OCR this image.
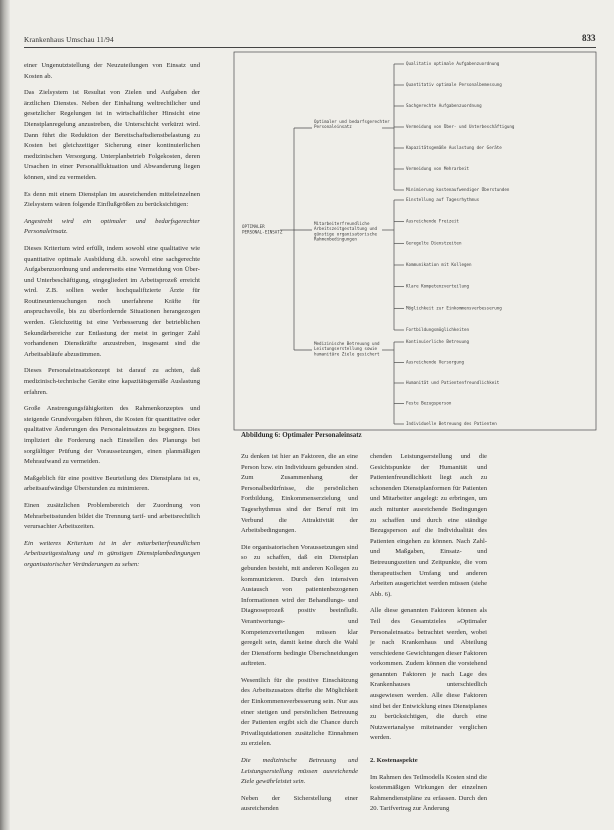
Krankenhaus Umschau 11/94	833

einer Ungenutztstellung der Neuzuteilungen von Einsatz und Kosten ab.

Das Zielsystem ist Resultat von Zielen und Aufgaben der ärztlichen Dienstes. Neben der Einhaltung weltrechtlicher und gesetzlicher Regelungen ist in wirtschaftlicher Hinsicht eine Dienstplanregelung anzustreben, die Unterschicht verkürzt wird. Dann führt die Reduktion der Bereitschaftsdienstbelastung zu Kosten bei gleichzeitiger Sicherung einer kontinuierlichen medizinischen Versorgung. Unterplanbetrieb Folgekosten, deren Ursachen in einer Personalfluktuation und Abwanderung liegen können, sind zu vermeiden.

Es denn mit einem Dienstplan im ausreichenden mitteleinzelnen Zielsystem wären folgende Einflußgrößen zu berücksichtigen:

Angestrebt wird ein optimaler und bedarfsgerechter Personaleinsatz.

Dieses Kriterium wird erfüllt, indem sowohl eine qualitative wie quantitative optimale Ausbildung d.h. sowohl eine sachgerechte Aufgabenzuordnung und andererseits eine Vermeidung von Über- und Unterbeschäftigung, eingegliedert im Arbeitsprozeß erreicht wird. Z.B. sollten weder hochqualifizierte Ärzte für Routineuntersuchungen noch unerfahrene Kräfte für anspruchsvolle, bis zu überfordernde Situationen herangezogen werden. Gleichzeitig ist eine Verbesserung der betrieblichen Sekundärbereiche zur Entlastung der meist in geringer Zahl vorhandenen Dienstkräfte anzustreben, insgesamt sind die Arbeitsabläufe abzustimmen.

Dieses Personaleinsatzkonzept ist darauf zu achten, daß medizinisch-technische Geräte eine kapazitätsgemäße Auslastung erfahren.

Große Anstrengungsfähigkeiten des Rahmenkonzeptes und steigende Grundvorgaben führen, die Kosten für quantitative oder qualitative Änderungen des Personaleinsatzes zu begegnen. Dies impliziert die Forderung nach Einstellen des Planungs bei sorgfältiger Prüfung der Voraussetzungen, einen planmäßigen Mehraufwand zu vermeiden.

Maßgeblich für eine positive Beurteilung des Dienstplans ist es, arbeitsaufwändige Überstunden zu minimieren.

Einen zusätzlichen Problembereich der Zuordnung von Mehrarbeitsstunden bildet die Trennung tarif- und arbeitsrechtlich verursachter Arbeitszeiten.

Ein weiteres Kriterium ist in der mitarbeiterfreundlichen Arbeitszeitgestaltung und in günstigen Dienstplanbedingungen organisatorischer Veränderungen zu sehen:

OPTIMALER PERSONAL-EINSATZ
Optimaler und bedarfsgerechter Personaleinsatz
Mitarbeiterfreundliche Arbeitszeitgestaltung und günstige organisatorische Rahmenbedingungen
Medizinische Betreuung und Leistungserstellung sowie humanitäre Ziele gesichert
Qualitativ optimale Aufgabenzuordnung
Quantitativ optimale Personalbemessung
Sachgerechte Aufgabenzuordnung
Vermeidung von Über- und Unterbeschäftigung
Kapazitätsgemäße Auslastung der Geräte
Vermeidung von Mehrarbeit
Minimierung kostenaufwendiger Überstunden
Einstellung auf Tagesrhythmus
Ausreichende Freizeit
Geregelte Dienstzeiten
Kommunikation mit Kollegen
Klare Kompetenzverteilung
Möglichkeit zur Einkommensverbesserung
Fortbildungsmöglichkeiten
Kontinuierliche Betreuung
Ausreichende Versorgung
Humanität und Patientenfreundlichkeit
Feste Bezugsperson
Individuelle Betreuung des Patienten
Abbildung 6: Optimaler Personaleinsatz

Zu denken ist hier an Faktoren, die an eine Person bzw. ein Individuum gebunden sind. Zum Zusammenhang der Personalbedürfnisse, die persönlichen Fortbildung, Einkommenserzielung und Tagesrhythmus sind der Beruf mit im Verbund die Attraktivität der Arbeitsbedingungen.

Die organisatorischen Voraussetzungen sind so zu schaffen, daß ein Dienstplan gebunden besteht, mit anderen Kollegen zu kommunizieren. Durch den intensiven Austausch von patientenbezogenen Informationen wird der Behandlungs- und Diagnoseprozeß positiv beeinflußt. Verantwortungs- und Kompetenzverteilungen müssen klar geregelt sein, damit keine durch die Wahl der Dienstform bedingte Überschneidungen auftreten.

Wesentlich für die positive Einschätzung des Arbeitszusatzes dürfte die Möglichkeit der Einkommensverbesserung sein. Nur aus einer stetigen und persönlichen Betreuung der Patienten ergibt sich die Chance durch Privatliquidationen zusätzliche Einnahmen zu erzielen.

Die medizinische Betreuung und Leistungserstellung müssen ausreichende Ziele gewährleistet sein.

Neben der Sicherstellung einer ausreichenden

chenden Leistungserstellung und die Gesichtspunkte der Humanität und Patientenfreundlichkeit liegt auch zu schonenden Dienstplanformen für Patienten und Mitarbeiter angelegt: zu erbringen, um auch mitunter ausreichende Bedingungen zu schaffen und durch eine ständige Bezugsperson auf die Individualität des Patienten eingehen zu können. Nach Zahl- und Maßgaben, Einsatz- und Betreuungszeiten und Zeitpunkte, die vom therapeutischen Umfang und anderen Arbeiten ausgerichtet werden müssen (siehe Abb. 6).

Alle diese genannten Faktoren können als Teil des Gesamtzieles »Optimaler Personaleinsatz« betrachtet werden, wobei je nach Krankenhaus und Abteilung verschiedene Gewichtungen dieser Faktoren vorkommen. Zudem können die vorstehend genannten Faktoren je nach Lage des Krankenhauses unterschiedlich ausgewiesen werden. Alle diese Faktoren sind bei der Entwicklung eines Dienstplanes zu berücksichtigen, die durch eine Nutzwertanalyse miteinander verglichen werden.

2. Kostenaspekte

Im Rahmen des Teilmodells Kosten sind die kostenmäßigen Wirkungen der einzelnen Rahmendienstpläne zu erfassen. Durch den 20. Tarifvertrag zur Änderung
